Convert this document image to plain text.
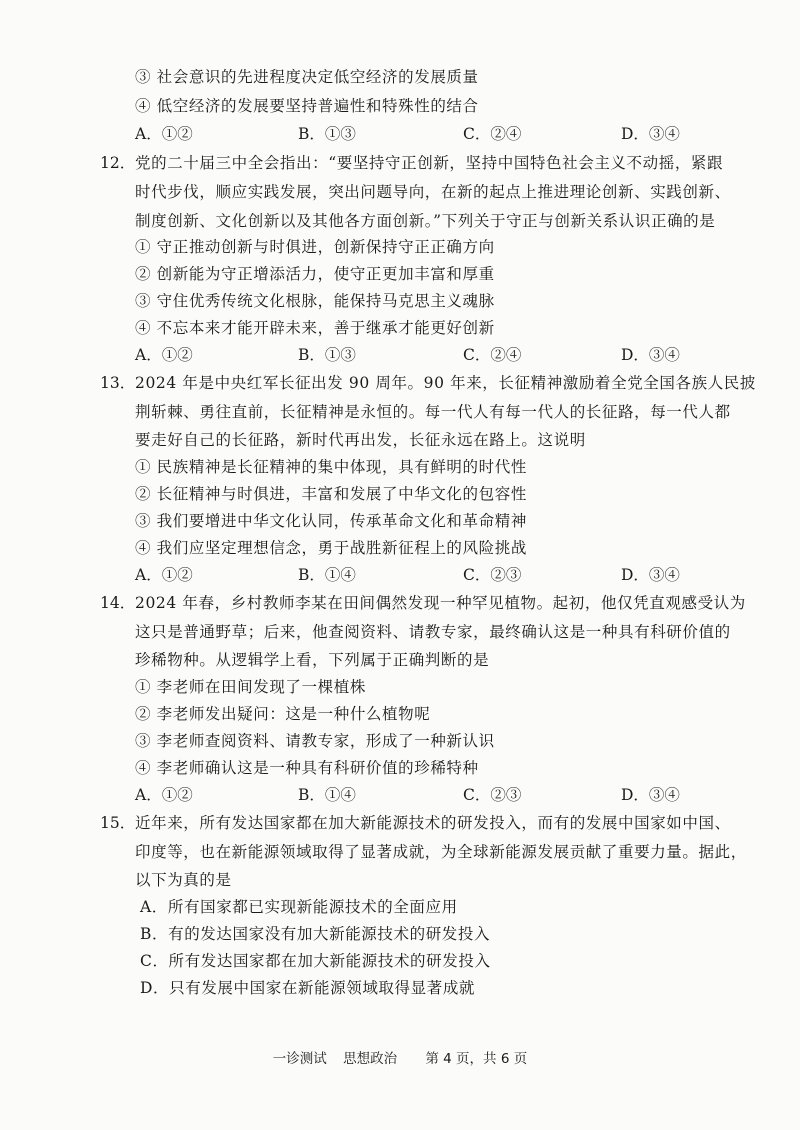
③ 社会意识的先进程度决定低空经济的发展质量
④ 低空经济的发展要坚持普遍性和特殊性的结合
A．①②	B．①③	C．②④	D．③④
12． 党的二十届三中全会指出：“要坚持守正创新，坚持中国特色社会主义不动摇，紧跟
时代步伐，顺应实践发展，突出问题导向，在新的起点上推进理论创新、实践创新、
制度创新、文化创新以及其他各方面创新。”下列关于守正与创新关系认识正确的是
① 守正推动创新与时俱进，创新保持守正正确方向
② 创新能为守正增添活力，使守正更加丰富和厚重
③ 守住优秀传统文化根脉，能保持马克思主义魂脉
④ 不忘本来才能开辟未来，善于继承才能更好创新
A．①②	B．①③	C．②④	D．③④
13． 2024 年是中央红军长征出发 90 周年。90 年来，长征精神激励着全党全国各族人民披
荆斩棘、勇往直前，长征精神是永恒的。每一代人有每一代人的长征路，每一代人都
要走好自己的长征路，新时代再出发，长征永远在路上。这说明
① 民族精神是长征精神的集中体现，具有鲜明的时代性
② 长征精神与时俱进，丰富和发展了中华文化的包容性
③ 我们要增进中华文化认同，传承革命文化和革命精神
④ 我们应坚定理想信念，勇于战胜新征程上的风险挑战
A．①②	B．①④	C．②③	D．③④
14． 2024 年春，乡村教师李某在田间偶然发现一种罕见植物。起初，他仅凭直观感受认为
这只是普通野草；后来，他查阅资料、请教专家，最终确认这是一种具有科研价值的
珍稀物种。从逻辑学上看，下列属于正确判断的是
① 李老师在田间发现了一棵植株
② 李老师发出疑问：这是一种什么植物呢
③ 李老师查阅资料、请教专家，形成了一种新认识
④ 李老师确认这是一种具有科研价值的珍稀特种
A．①②	B．①④	C．②③	D．③④
15． 近年来，所有发达国家都在加大新能源技术的研发投入，而有的发展中国家如中国、
印度等，也在新能源领域取得了显著成就，为全球新能源发展贡献了重要力量。据此，
以下为真的是
A．所有国家都已实现新能源技术的全面应用
B．有的发达国家没有加大新能源技术的研发投入
C．所有发达国家都在加大新能源技术的研发投入
D．只有发展中国家在新能源领域取得显著成就
一诊测试 思想政治 第 4 页，共 6 页
